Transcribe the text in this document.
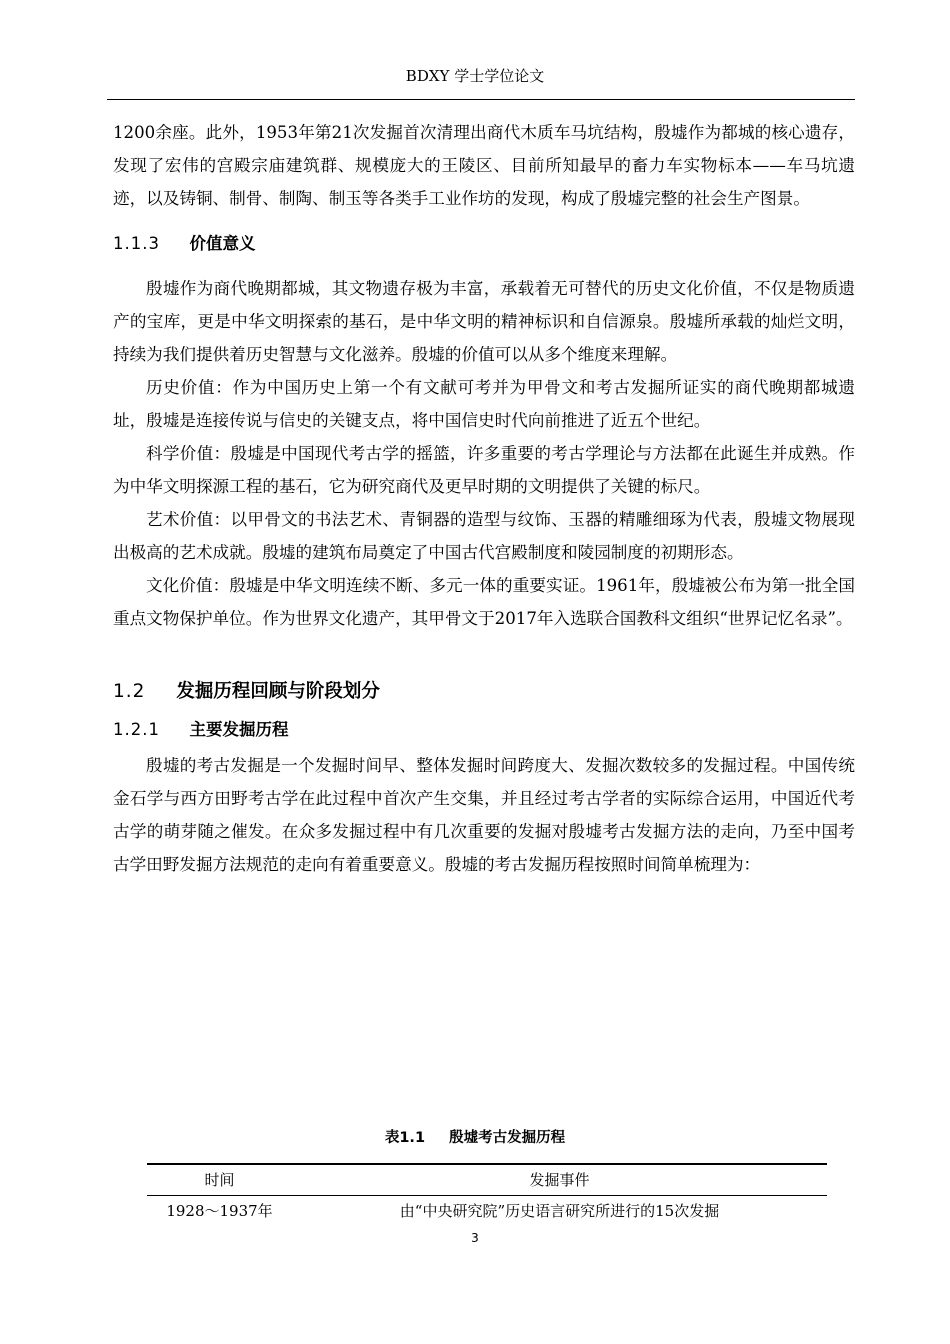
BDXY 学士学位论文

1200余座。此外，1953年第21次发掘首次清理出商代木质车马坑结构，殷墟作为都城的核心遗存，发现了宏伟的宫殿宗庙建筑群、规模庞大的王陵区、目前所知最早的畜力车实物标本——车马坑遗迹，以及铸铜、制骨、制陶、制玉等各类手工业作坊的发现，构成了殷墟完整的社会生产图景。

1.1.3 价值意义

殷墟作为商代晚期都城，其文物遗存极为丰富，承载着无可替代的历史文化价值，不仅是物质遗产的宝库，更是中华文明探索的基石，是中华文明的精神标识和自信源泉。殷墟所承载的灿烂文明，持续为我们提供着历史智慧与文化滋养。殷墟的价值可以从多个维度来理解。

历史价值：作为中国历史上第一个有文献可考并为甲骨文和考古发掘所证实的商代晚期都城遗址，殷墟是连接传说与信史的关键支点，将中国信史时代向前推进了近五个世纪。

科学价值：殷墟是中国现代考古学的摇篮，许多重要的考古学理论与方法都在此诞生并成熟。作为中华文明探源工程的基石，它为研究商代及更早时期的文明提供了关键的标尺。

艺术价值：以甲骨文的书法艺术、青铜器的造型与纹饰、玉器的精雕细琢为代表，殷墟文物展现出极高的艺术成就。殷墟的建筑布局奠定了中国古代宫殿制度和陵园制度的初期形态。

文化价值：殷墟是中华文明连续不断、多元一体的重要实证。1961年，殷墟被公布为第一批全国重点文物保护单位。作为世界文化遗产，其甲骨文于2017年入选联合国教科文组织“世界记忆名录”。

1.2 发掘历程回顾与阶段划分
1.2.1 主要发掘历程

殷墟的考古发掘是一个发掘时间早、整体发掘时间跨度大、发掘次数较多的发掘过程。中国传统金石学与西方田野考古学在此过程中首次产生交集，并且经过考古学者的实际综合运用，中国近代考古学的萌芽随之催发。在众多发掘过程中有几次重要的发掘对殷墟考古发掘方法的走向，乃至中国考古学田野发掘方法规范的走向有着重要意义。殷墟的考古发掘历程按照时间简单梳理为：

表1.1 殷墟考古发掘历程
时间	发掘事件
1928～1937年	由“中央研究院”历史语言研究所进行的15次发掘
3
